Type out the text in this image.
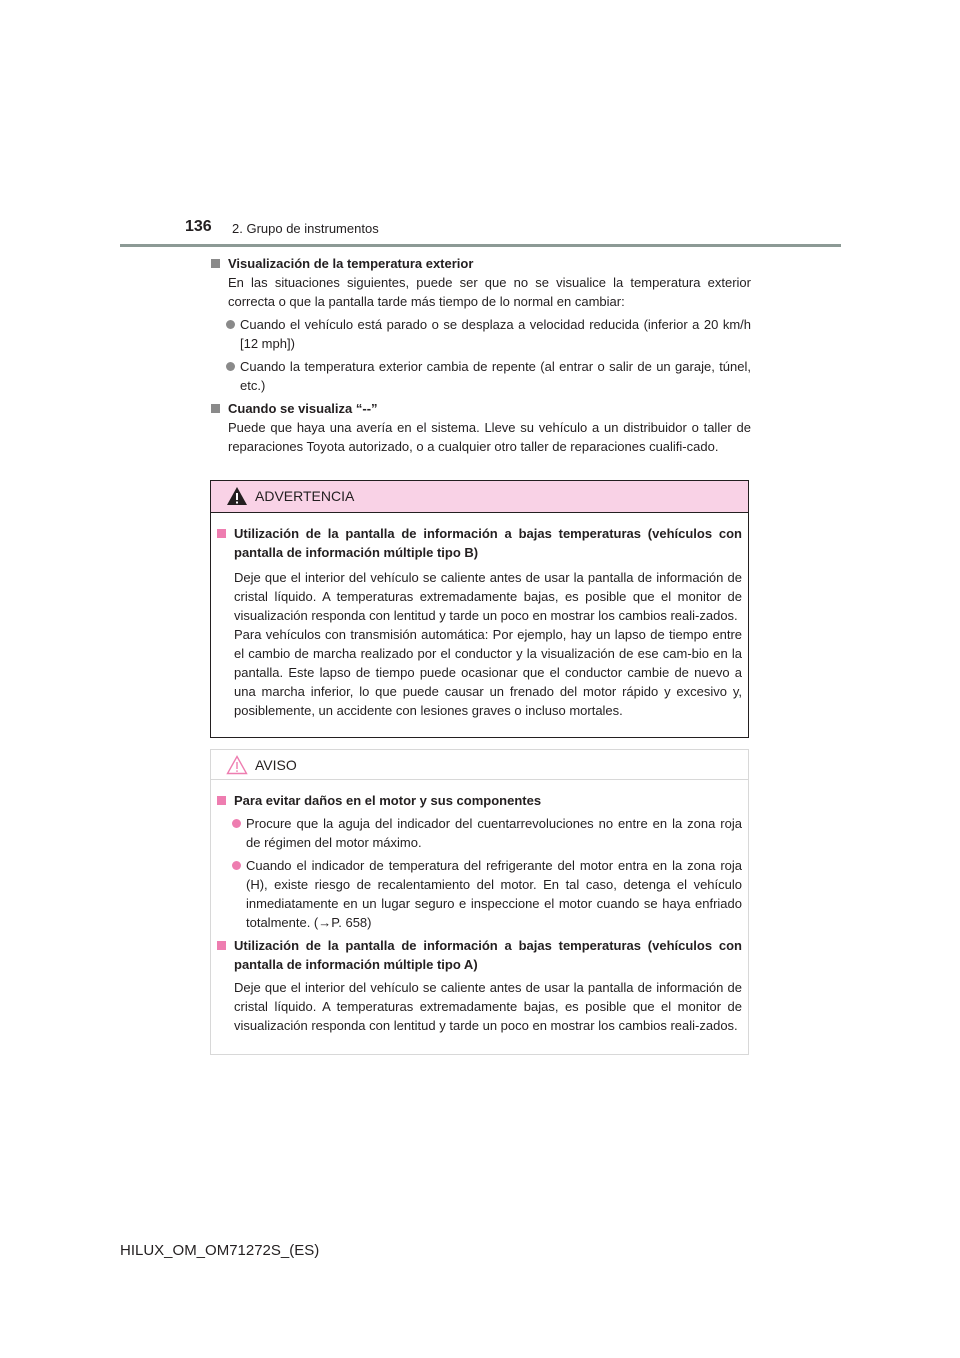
136 2. Grupo de instrumentos
Visualización de la temperatura exterior
En las situaciones siguientes, puede ser que no se visualice la temperatura exterior correcta o que la pantalla tarde más tiempo de lo normal en cambiar:
Cuando el vehículo está parado o se desplaza a velocidad reducida (inferior a 20 km/h [12 mph])
Cuando la temperatura exterior cambia de repente (al entrar o salir de un garaje, túnel, etc.)
Cuando se visualiza “--”
Puede que haya una avería en el sistema. Lleve su vehículo a un distribuidor o taller de reparaciones Toyota autorizado, o a cualquier otro taller de reparaciones cualifi-cado.
ADVERTENCIA
Utilización de la pantalla de información a bajas temperaturas (vehículos con pantalla de información múltiple tipo B)
Deje que el interior del vehículo se caliente antes de usar la pantalla de información de cristal líquido. A temperaturas extremadamente bajas, es posible que el monitor de visualización responda con lentitud y tarde un poco en mostrar los cambios reali-zados.
Para vehículos con transmisión automática: Por ejemplo, hay un lapso de tiempo entre el cambio de marcha realizado por el conductor y la visualización de ese cam-bio en la pantalla. Este lapso de tiempo puede ocasionar que el conductor cambie de nuevo a una marcha inferior, lo que puede causar un frenado del motor rápido y excesivo y, posiblemente, un accidente con lesiones graves o incluso mortales.
AVISO
Para evitar daños en el motor y sus componentes
Procure que la aguja del indicador del cuentarrevoluciones no entre en la zona roja de régimen del motor máximo.
Cuando el indicador de temperatura del refrigerante del motor entra en la zona roja (H), existe riesgo de recalentamiento del motor. En tal caso, detenga el vehículo inmediatamente en un lugar seguro e inspeccione el motor cuando se haya enfriado totalmente. (→P. 658)
Utilización de la pantalla de información a bajas temperaturas (vehículos con pantalla de información múltiple tipo A)
Deje que el interior del vehículo se caliente antes de usar la pantalla de información de cristal líquido. A temperaturas extremadamente bajas, es posible que el monitor de visualización responda con lentitud y tarde un poco en mostrar los cambios reali-zados.
HILUX_OM_OM71272S_(ES)
